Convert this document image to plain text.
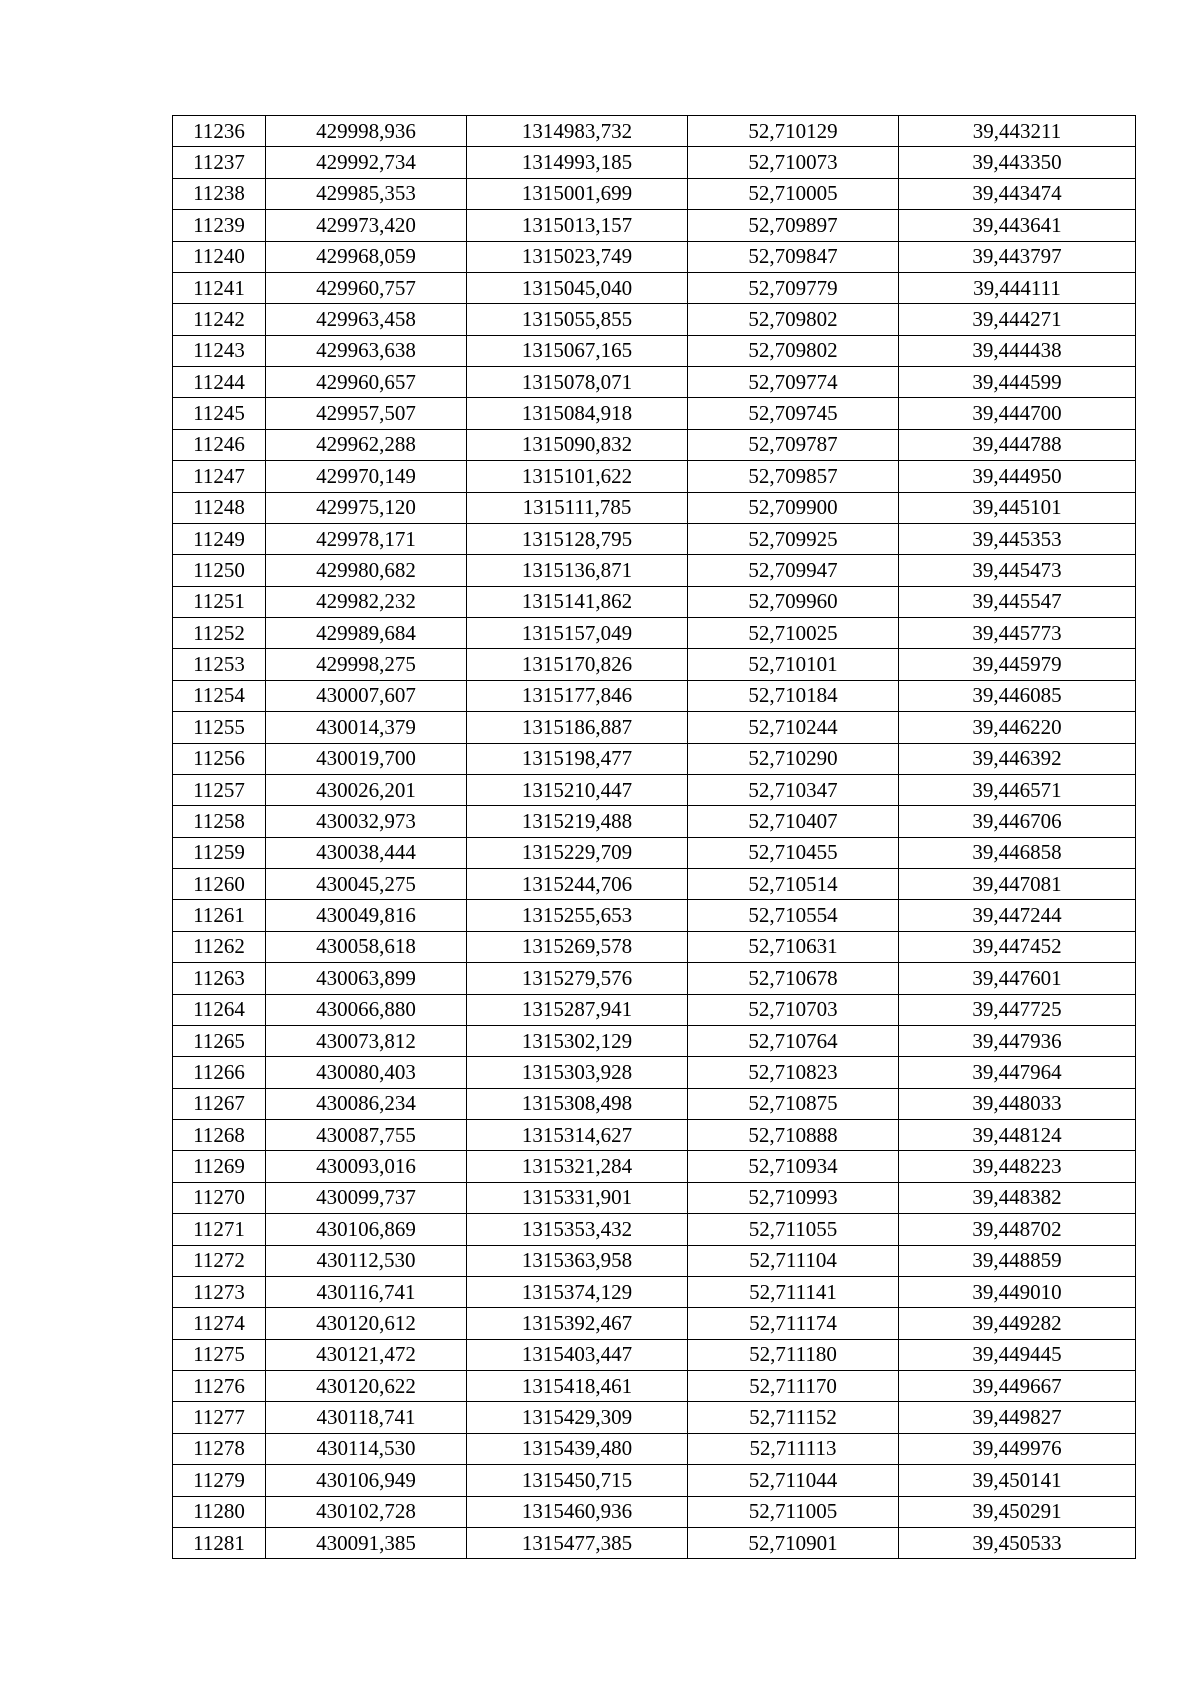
11236	429998,936	1314983,732	52,710129	39,443211
11237	429992,734	1314993,185	52,710073	39,443350
11238	429985,353	1315001,699	52,710005	39,443474
11239	429973,420	1315013,157	52,709897	39,443641
11240	429968,059	1315023,749	52,709847	39,443797
11241	429960,757	1315045,040	52,709779	39,444111
11242	429963,458	1315055,855	52,709802	39,444271
11243	429963,638	1315067,165	52,709802	39,444438
11244	429960,657	1315078,071	52,709774	39,444599
11245	429957,507	1315084,918	52,709745	39,444700
11246	429962,288	1315090,832	52,709787	39,444788
11247	429970,149	1315101,622	52,709857	39,444950
11248	429975,120	1315111,785	52,709900	39,445101
11249	429978,171	1315128,795	52,709925	39,445353
11250	429980,682	1315136,871	52,709947	39,445473
11251	429982,232	1315141,862	52,709960	39,445547
11252	429989,684	1315157,049	52,710025	39,445773
11253	429998,275	1315170,826	52,710101	39,445979
11254	430007,607	1315177,846	52,710184	39,446085
11255	430014,379	1315186,887	52,710244	39,446220
11256	430019,700	1315198,477	52,710290	39,446392
11257	430026,201	1315210,447	52,710347	39,446571
11258	430032,973	1315219,488	52,710407	39,446706
11259	430038,444	1315229,709	52,710455	39,446858
11260	430045,275	1315244,706	52,710514	39,447081
11261	430049,816	1315255,653	52,710554	39,447244
11262	430058,618	1315269,578	52,710631	39,447452
11263	430063,899	1315279,576	52,710678	39,447601
11264	430066,880	1315287,941	52,710703	39,447725
11265	430073,812	1315302,129	52,710764	39,447936
11266	430080,403	1315303,928	52,710823	39,447964
11267	430086,234	1315308,498	52,710875	39,448033
11268	430087,755	1315314,627	52,710888	39,448124
11269	430093,016	1315321,284	52,710934	39,448223
11270	430099,737	1315331,901	52,710993	39,448382
11271	430106,869	1315353,432	52,711055	39,448702
11272	430112,530	1315363,958	52,711104	39,448859
11273	430116,741	1315374,129	52,711141	39,449010
11274	430120,612	1315392,467	52,711174	39,449282
11275	430121,472	1315403,447	52,711180	39,449445
11276	430120,622	1315418,461	52,711170	39,449667
11277	430118,741	1315429,309	52,711152	39,449827
11278	430114,530	1315439,480	52,711113	39,449976
11279	430106,949	1315450,715	52,711044	39,450141
11280	430102,728	1315460,936	52,711005	39,450291
11281	430091,385	1315477,385	52,710901	39,450533
